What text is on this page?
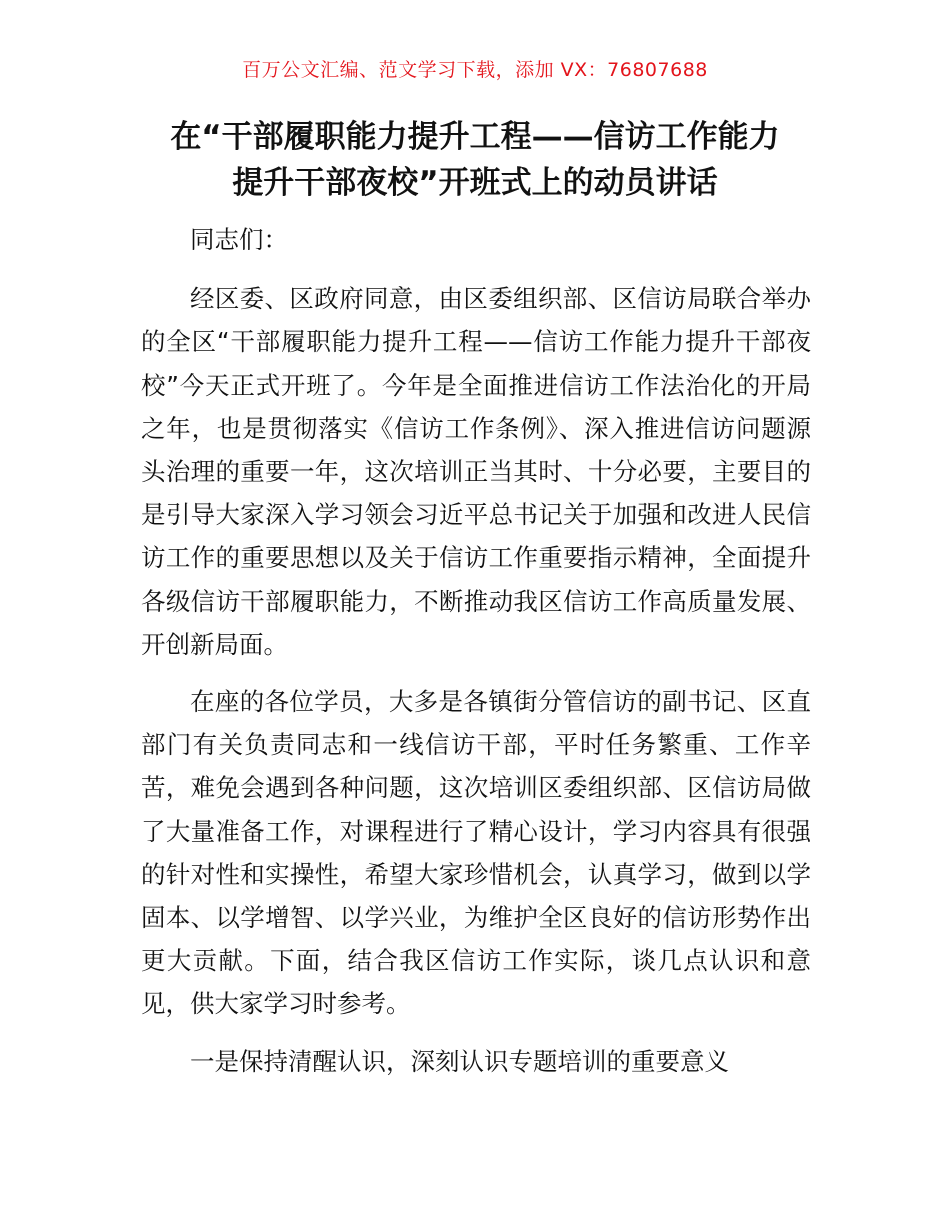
百万公文汇编、范文学习下载，添加 VX：76807688
在“干部履职能力提升工程——信访工作能力
提升干部夜校”开班式上的动员讲话

同志们：

经区委、区政府同意，由区委组织部、区信访局联合举办的全区“干部履职能力提升工程——信访工作能力提升干部夜校”今天正式开班了。今年是全面推进信访工作法治化的开局之年，也是贯彻落实《信访工作条例》、深入推进信访问题源头治理的重要一年，这次培训正当其时、十分必要，主要目的是引导大家深入学习领会习近平总书记关于加强和改进人民信访工作的重要思想以及关于信访工作重要指示精神，全面提升各级信访干部履职能力，不断推动我区信访工作高质量发展、开创新局面。

在座的各位学员，大多是各镇街分管信访的副书记、区直部门有关负责同志和一线信访干部，平时任务繁重、工作辛苦，难免会遇到各种问题，这次培训区委组织部、区信访局做了大量准备工作，对课程进行了精心设计，学习内容具有很强的针对性和实操性，希望大家珍惜机会，认真学习，做到以学固本、以学增智、以学兴业，为维护全区良好的信访形势作出更大贡献。下面，结合我区信访工作实际，谈几点认识和意见，供大家学习时参考。

一是保持清醒认识，深刻认识专题培训的重要意义
